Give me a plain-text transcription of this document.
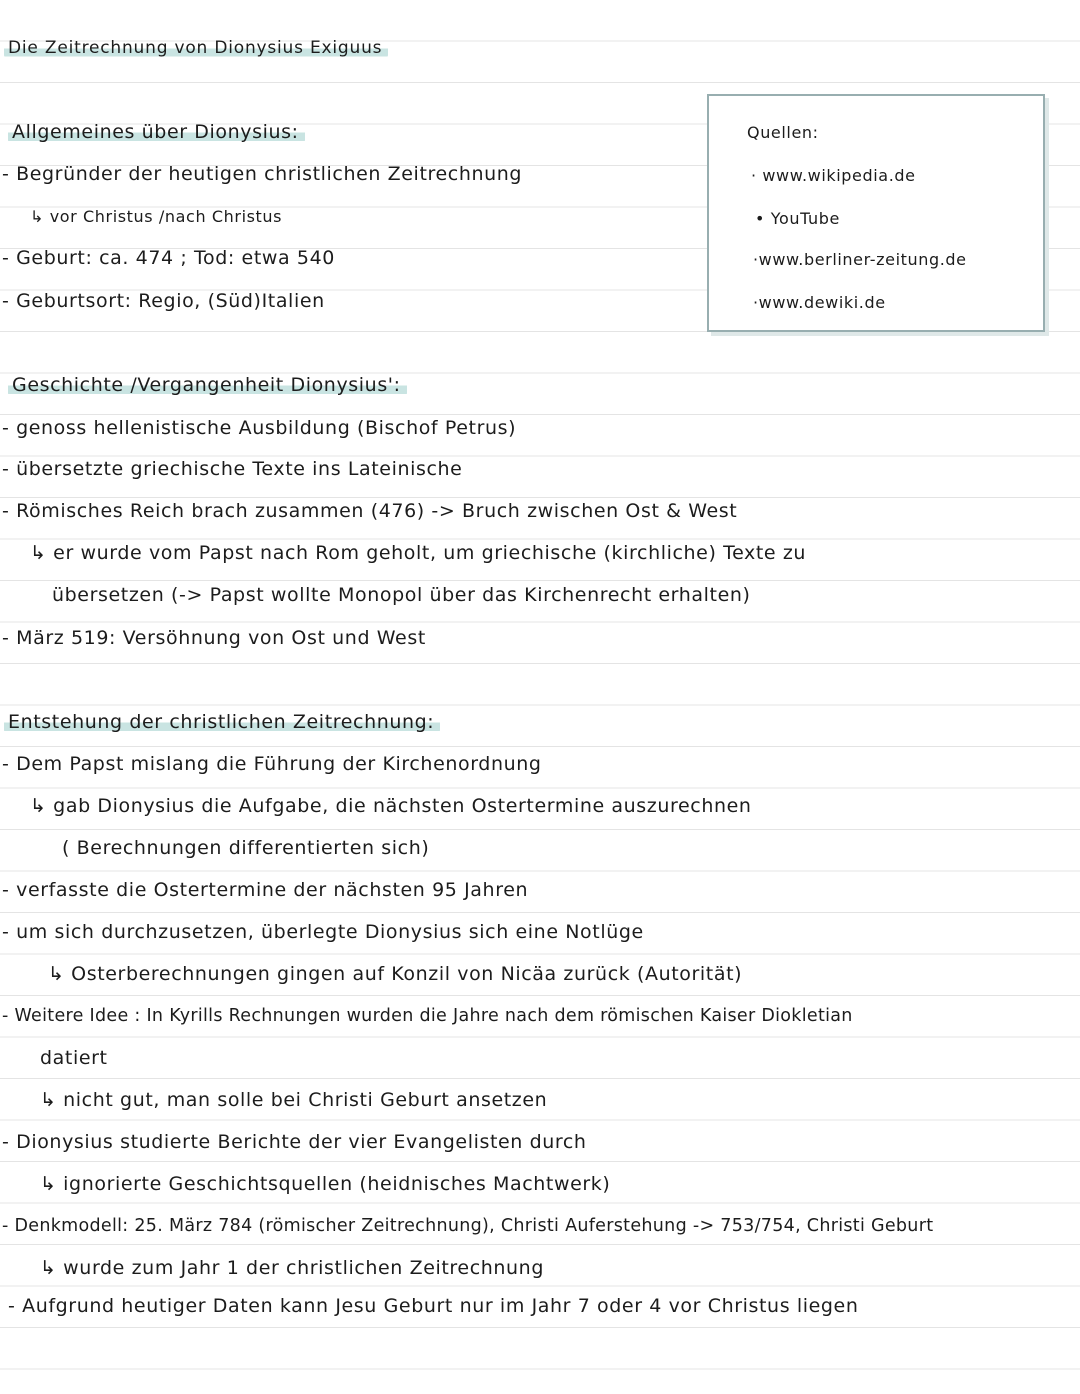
Die Zeitrechnung von Dionysius Exiguus
Quellen:
· www.wikipedia.de
• YouTube
·www.berliner-zeitung.de
·www.dewiki.de
Allgemeines über Dionysius:
- Begründer der heutigen christlichen Zeitrechnung
↳ vor Christus /nach Christus
- Geburt: ca. 474 ; Tod: etwa 540
- Geburtsort: Regio, (Süd)Italien
Geschichte /Vergangenheit Dionysius':
- genoss hellenistische Ausbildung (Bischof Petrus)
- übersetzte griechische Texte ins Lateinische
- Römisches Reich brach zusammen (476) -> Bruch zwischen Ost & West
↳ er wurde vom Papst nach Rom geholt, um griechische (kirchliche) Texte zu
übersetzen (-> Papst wollte Monopol über das Kirchenrecht erhalten)
- März 519: Versöhnung von Ost und West
Entstehung der christlichen Zeitrechnung:
- Dem Papst mislang die Führung der Kirchenordnung
↳ gab Dionysius die Aufgabe, die nächsten Ostertermine auszurechnen
( Berechnungen differentierten sich)
- verfasste die Ostertermine der nächsten 95 Jahren
- um sich durchzusetzen, überlegte Dionysius sich eine Notlüge
↳ Osterberechnungen gingen auf Konzil von Nicäa zurück (Autorität)
- Weitere Idee : In Kyrills Rechnungen wurden die Jahre nach dem römischen Kaiser Diokletian
datiert
↳ nicht gut, man solle bei Christi Geburt ansetzen
- Dionysius studierte Berichte der vier Evangelisten durch
↳ ignorierte Geschichtsquellen (heidnisches Machtwerk)
- Denkmodell: 25. März 784 (römischer Zeitrechnung), Christi Auferstehung -> 753/754, Christi Geburt
↳ wurde zum Jahr 1 der christlichen Zeitrechnung
- Aufgrund heutiger Daten kann Jesu Geburt nur im Jahr 7 oder 4 vor Christus liegen
